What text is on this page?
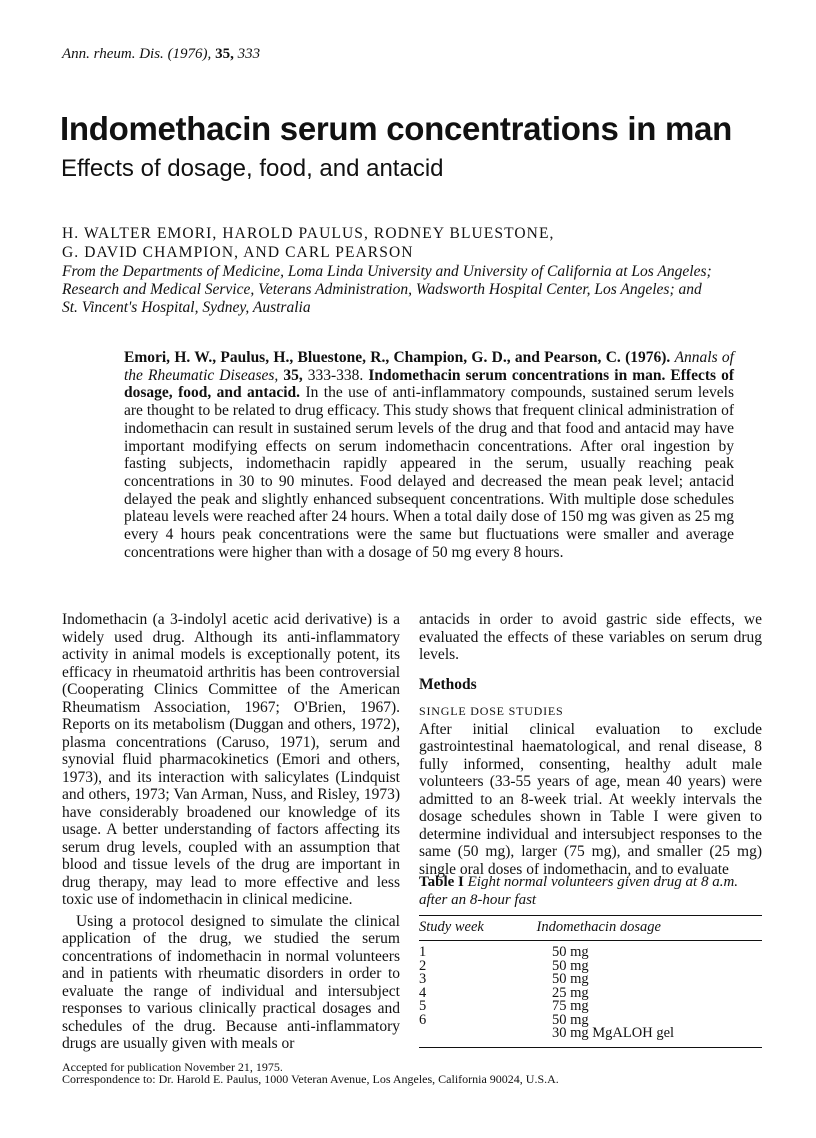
Ann. rheum. Dis. (1976), 35, 333
Indomethacin serum concentrations in man
Effects of dosage, food, and antacid
H. WALTER EMORI, HAROLD PAULUS, RODNEY BLUESTONE,
G. DAVID CHAMPION, AND CARL PEARSON
From the Departments of Medicine, Loma Linda University and University of California at Los Angeles;
Research and Medical Service, Veterans Administration, Wadsworth Hospital Center, Los Angeles; and
St. Vincent's Hospital, Sydney, Australia
Emori, H. W., Paulus, H., Bluestone, R., Champion, G. D., and Pearson, C. (1976). Annals of the Rheumatic Diseases, 35, 333-338. Indomethacin serum concentrations in man. Effects of dosage, food, and antacid. In the use of anti-inflammatory compounds, sustained serum levels are thought to be related to drug efficacy. This study shows that frequent clinical administration of indomethacin can result in sustained serum levels of the drug and that food and antacid may have important modifying effects on serum indomethacin concentrations. After oral ingestion by fasting subjects, indomethacin rapidly appeared in the serum, usually reaching peak concentrations in 30 to 90 minutes. Food delayed and decreased the mean peak level; antacid delayed the peak and slightly enhanced subsequent concentrations. With multiple dose schedules plateau levels were reached after 24 hours. When a total daily dose of 150 mg was given as 25 mg every 4 hours peak concentrations were the same but fluctuations were smaller and average concentrations were higher than with a dosage of 50 mg every 8 hours.

Indomethacin (a 3-indolyl acetic acid derivative) is a widely used drug. Although its anti-inflammatory activity in animal models is exceptionally potent, its efficacy in rheumatoid arthritis has been controversial (Cooperating Clinics Committee of the American Rheumatism Association, 1967; O'Brien, 1967). Reports on its metabolism (Duggan and others, 1972), plasma concentrations (Caruso, 1971), serum and synovial fluid pharmacokinetics (Emori and others, 1973), and its interaction with salicylates (Lindquist and others, 1973; Van Arman, Nuss, and Risley, 1973) have considerably broadened our knowledge of its usage. A better understanding of factors affecting its serum drug levels, coupled with an assumption that blood and tissue levels of the drug are important in drug therapy, may lead to more effective and less toxic use of indomethacin in clinical medicine.

Using a protocol designed to simulate the clinical application of the drug, we studied the serum concentrations of indomethacin in normal volunteers and in patients with rheumatic disorders in order to evaluate the range of individual and intersubject responses to various clinically practical dosages and schedules of the drug. Because anti-inflammatory drugs are usually given with meals or

antacids in order to avoid gastric side effects, we evaluated the effects of these variables on serum drug levels.

Methods
SINGLE DOSE STUDIES

After initial clinical evaluation to exclude gastrointestinal haematological, and renal disease, 8 fully informed, consenting, healthy adult male volunteers (33-55 years of age, mean 40 years) were admitted to an 8-week trial. At weekly intervals the dosage schedules shown in Table I were given to determine individual and intersubject responses to the same (50 mg), larger (75 mg), and smaller (25 mg) single oral doses of indomethacin, and to evaluate

Table I Eight normal volunteers given drug at 8 a.m. after an 8-hour fast
Study week	Indomethacin dosage
1	50 mg
2	50 mg
3	50 mg
4	25 mg
5	75 mg
6	50 mg
	30 mg MgALOH gel
Accepted for publication November 21, 1975.
Correspondence to: Dr. Harold E. Paulus, 1000 Veteran Avenue, Los Angeles, California 90024, U.S.A.
